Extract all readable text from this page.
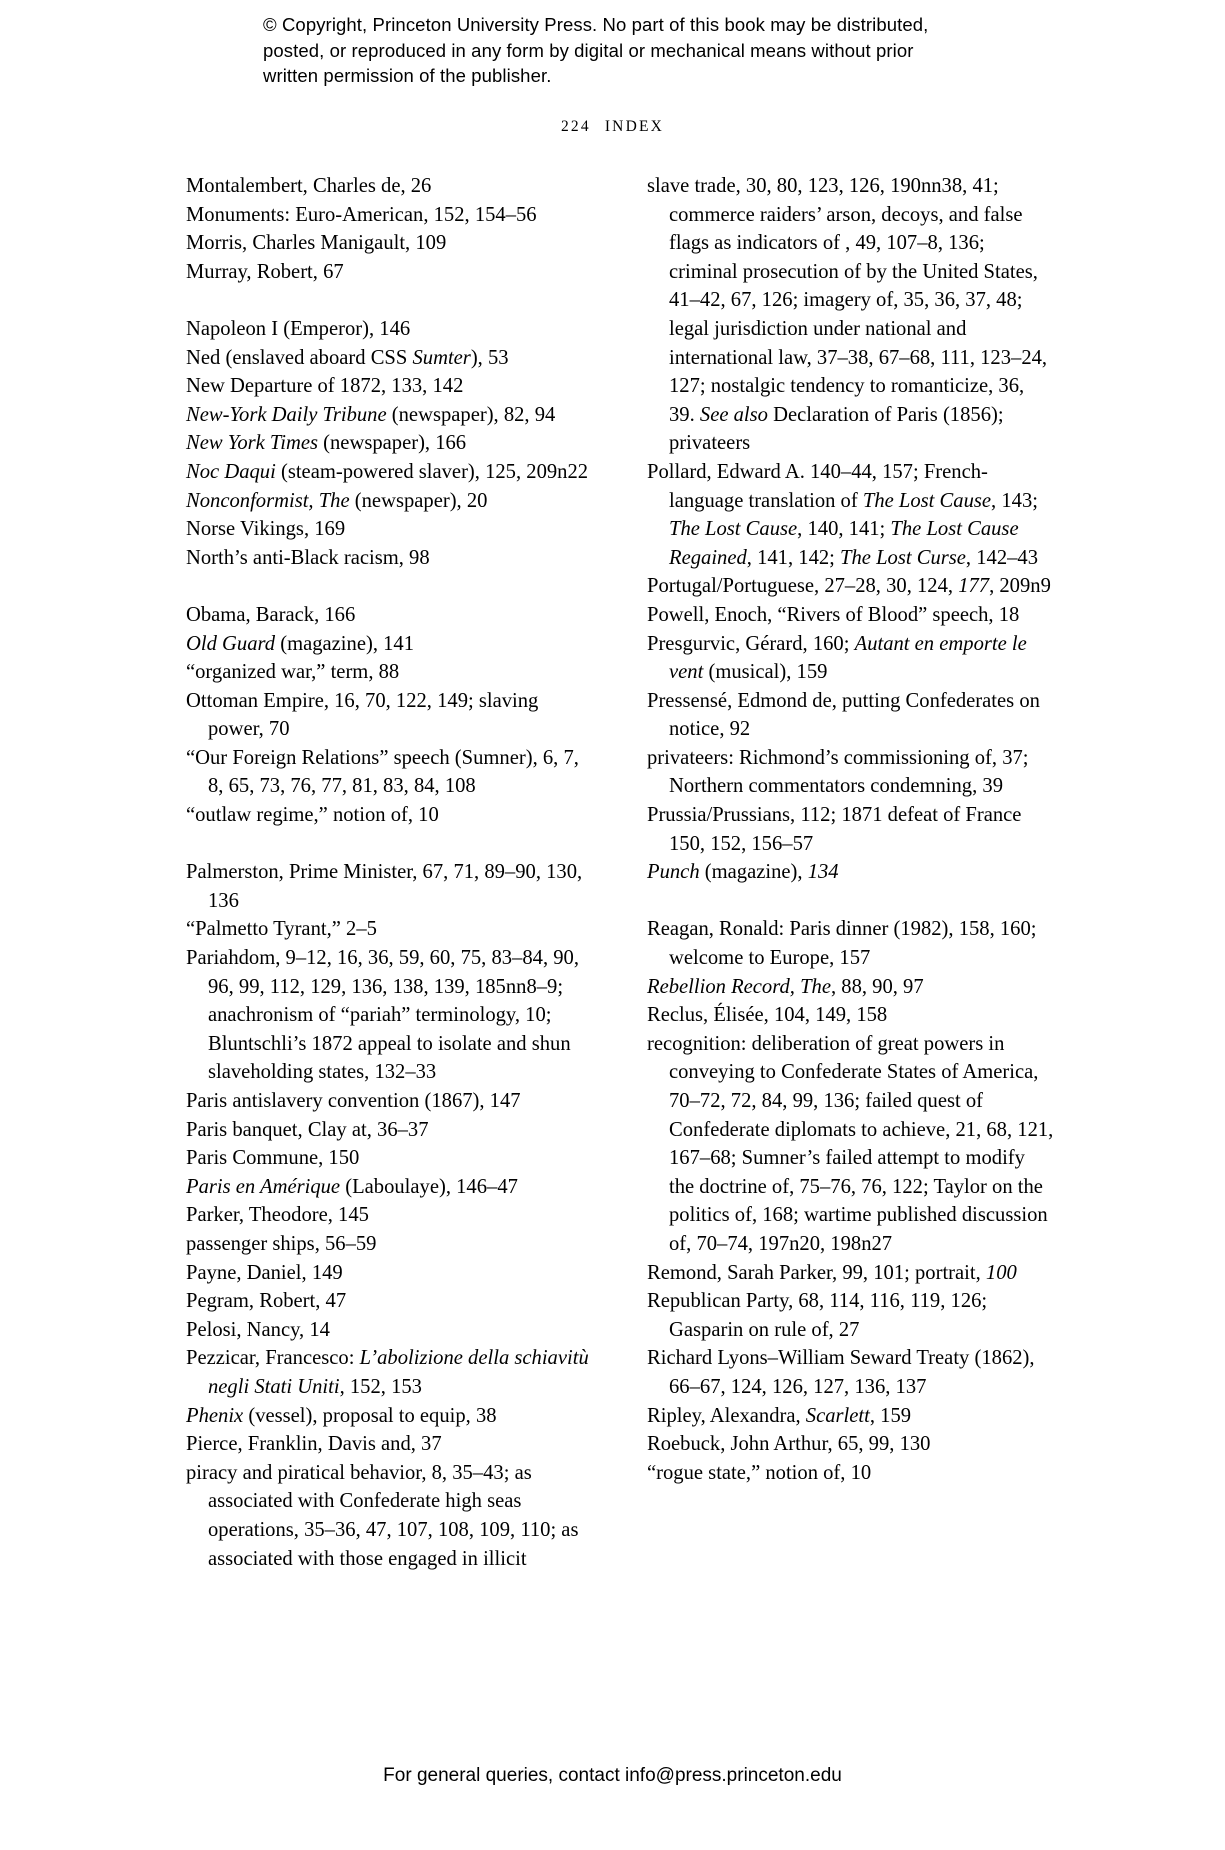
© Copyright, Princeton University Press. No part of this book may be distributed, posted, or reproduced in any form by digital or mechanical means without prior written permission of the publisher.
224 INDEX
Montalembert, Charles de, 26
Monuments: Euro-American, 152, 154–56
Morris, Charles Manigault, 109
Murray, Robert, 67
Napoleon I (Emperor), 146
Ned (enslaved aboard CSS Sumter), 53
New Departure of 1872, 133, 142
New-York Daily Tribune (newspaper), 82, 94
New York Times (newspaper), 166
Noc Daqui (steam-powered slaver), 125, 209n22
Nonconformist, The (newspaper), 20
Norse Vikings, 169
North’s anti-Black racism, 98
Obama, Barack, 166
Old Guard (magazine), 141
“organized war,” term, 88
Ottoman Empire, 16, 70, 122, 149; slaving power, 70
“Our Foreign Relations” speech (Sumner), 6, 7, 8, 65, 73, 76, 77, 81, 83, 84, 108
“outlaw regime,” notion of, 10
Palmerston, Prime Minister, 67, 71, 89–90, 130, 136
“Palmetto Tyrant,” 2–5
Pariahdom, 9–12, 16, 36, 59, 60, 75, 83–84, 90, 96, 99, 112, 129, 136, 138, 139, 185nn8–9; anachronism of “pariah” terminology, 10; Bluntschli’s 1872 appeal to isolate and shun slaveholding states, 132–33
Paris antislavery convention (1867), 147
Paris banquet, Clay at, 36–37
Paris Commune, 150
Paris en Amérique (Laboulaye), 146–47
Parker, Theodore, 145
passenger ships, 56–59
Payne, Daniel, 149
Pegram, Robert, 47
Pelosi, Nancy, 14
Pezzicar, Francesco: L’abolizione della schiavitù negli Stati Uniti, 152, 153
Phenix (vessel), proposal to equip, 38
Pierce, Franklin, Davis and, 37
piracy and piratical behavior, 8, 35–43; as associated with Confederate high seas operations, 35–36, 47, 107, 108, 109, 110; as associated with those engaged in illicit
slave trade, 30, 80, 123, 126, 190nn38, 41; commerce raiders’ arson, decoys, and false flags as indicators of , 49, 107–8, 136; criminal prosecution of by the United States, 41–42, 67, 126; imagery of, 35, 36, 37, 48; legal jurisdiction under national and international law, 37–38, 67–68, 111, 123–24, 127; nostalgic tendency to romanticize, 36, 39. See also Declaration of Paris (1856); privateers
Pollard, Edward A. 140–44, 157; French-language translation of The Lost Cause, 143; The Lost Cause, 140, 141; The Lost Cause Regained, 141, 142; The Lost Curse, 142–43
Portugal/Portuguese, 27–28, 30, 124, 177, 209n9
Powell, Enoch, “Rivers of Blood” speech, 18
Presgurvic, Gérard, 160; Autant en emporte le vent (musical), 159
Pressensé, Edmond de, putting Confederates on notice, 92
privateers: Richmond’s commissioning of, 37; Northern commentators condemning, 39
Prussia/Prussians, 112; 1871 defeat of France 150, 152, 156–57
Punch (magazine), 134
Reagan, Ronald: Paris dinner (1982), 158, 160; welcome to Europe, 157
Rebellion Record, The, 88, 90, 97
Reclus, Élisée, 104, 149, 158
recognition: deliberation of great powers in conveying to Confederate States of America, 70–72, 72, 84, 99, 136; failed quest of Confederate diplomats to achieve, 21, 68, 121, 167–68; Sumner’s failed attempt to modify the doctrine of, 75–76, 76, 122; Taylor on the politics of, 168; wartime published discussion of, 70–74, 197n20, 198n27
Remond, Sarah Parker, 99, 101; portrait, 100
Republican Party, 68, 114, 116, 119, 126; Gasparin on rule of, 27
Richard Lyons–William Seward Treaty (1862), 66–67, 124, 126, 127, 136, 137
Ripley, Alexandra, Scarlett, 159
Roebuck, John Arthur, 65, 99, 130
“rogue state,” notion of, 10
For general queries, contact info@press.princeton.edu
